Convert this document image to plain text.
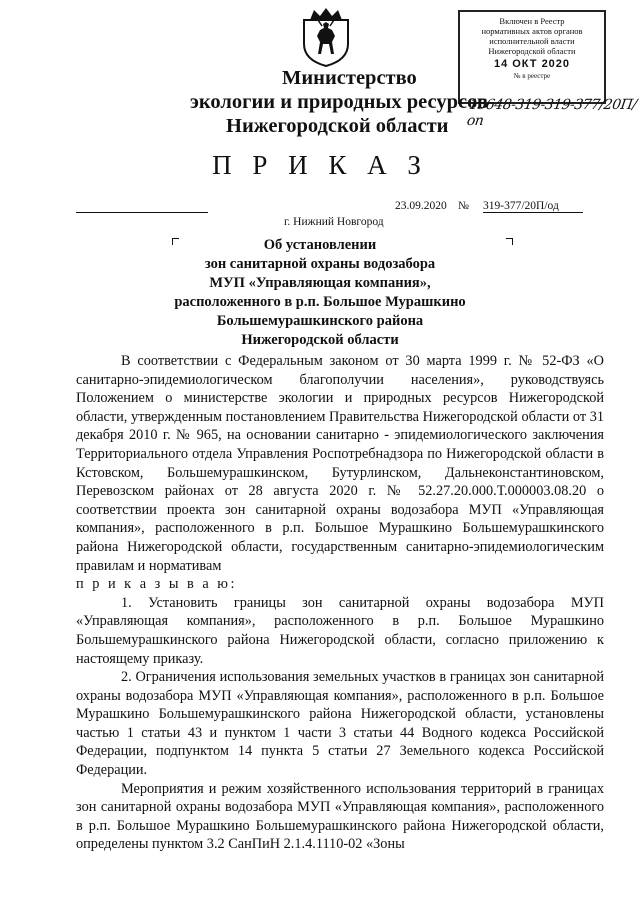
Включен в Реестр
нормативных актов органов
исполнительной власти
Нижегородской области
14 ОКТ 2020
№ в реестре
15648-319-319-377/20П/оп
Министерство
экологии и природных ресурсов
Нижегородской области
П Р И К А З
23.09.2020 № 319-377/20П/од
г. Нижний Новгород
Об установлении
зон санитарной охраны водозабора
МУП «Управляющая компания»,
расположенного в р.п. Большое Мурашкино
Большемурашкинского района
Нижегородской области

В соответствии с Федеральным законом от 30 марта 1999 г. № 52-ФЗ «О санитарно-эпидемиологическом благополучии населения», руководствуясь Положением о министерстве экологии и природных ресурсов Нижегородской области, утвержденным постановлением Правительства Нижегородской области от 31 декабря 2010 г. № 965, на основании санитарно - эпидемиологического заключения Территориального отдела Управления Роспотребнадзора по Нижегородской области в Кстовском, Большемурашкинском, Бутурлинском, Дальнеконстантиновском, Перевозском районах от 28 августа 2020 г. № 52.27.20.000.Т.000003.08.20 о соответствии проекта зон санитарной охраны водозабора МУП «Управляющая компания», расположенного в р.п. Большое Мурашкино Большемурашкинского района Нижегородской области, государственным санитарно-эпидемиологическим правилам и нормативам

п р и к а з ы в а ю:

1. Установить границы зон санитарной охраны водозабора МУП «Управляющая компания», расположенного в р.п. Большое Мурашкино Большемурашкинского района Нижегородской области, согласно приложению к настоящему приказу.

2. Ограничения использования земельных участков в границах зон санитарной охраны водозабора МУП «Управляющая компания», расположенного в р.п. Большое Мурашкино Большемурашкинского района Нижегородской области, установлены частью 1 статьи 43 и пунктом 1 части 3 статьи 44 Водного кодекса Российской Федерации, подпунктом 14 пункта 5 статьи 27 Земельного кодекса Российской Федерации.

Мероприятия и режим хозяйственного использования территорий в границах зон санитарной охраны водозабора МУП «Управляющая компания», расположенного в р.п. Большое Мурашкино Большемурашкинского района Нижегородской области, определены пунктом 3.2 СанПиН 2.1.4.1110-02 «Зоны
